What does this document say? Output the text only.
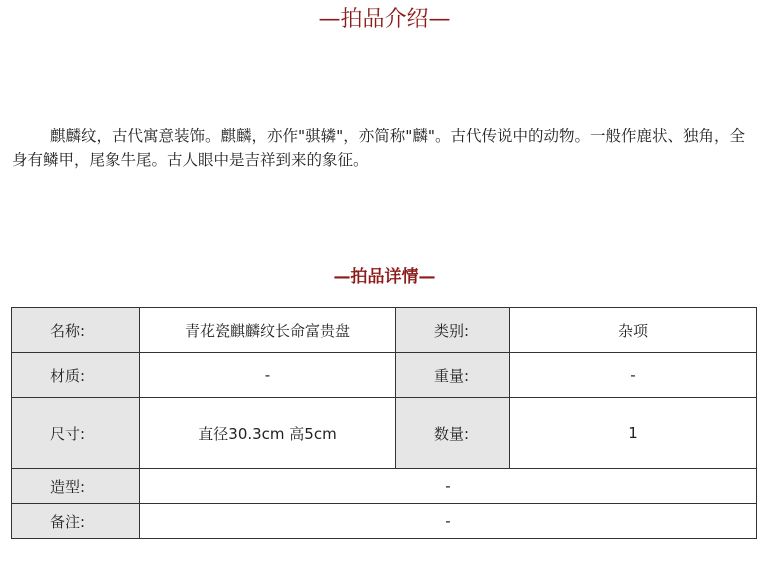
—拍品介绍—
麒麟纹，古代寓意装饰。麒麟，亦作"骐辚"，亦简称"麟"。古代传说中的动物。一般作鹿状、独角，全身有鳞甲，尾象牛尾。古人眼中是吉祥到来的象征。
—拍品详情—
名称:	青花瓷麒麟纹长命富贵盘	类别:	杂项
材质:	-	重量:	-
尺寸:	直径30.3cm 高5cm	数量:	1
造型:	-		
备注:	-		
